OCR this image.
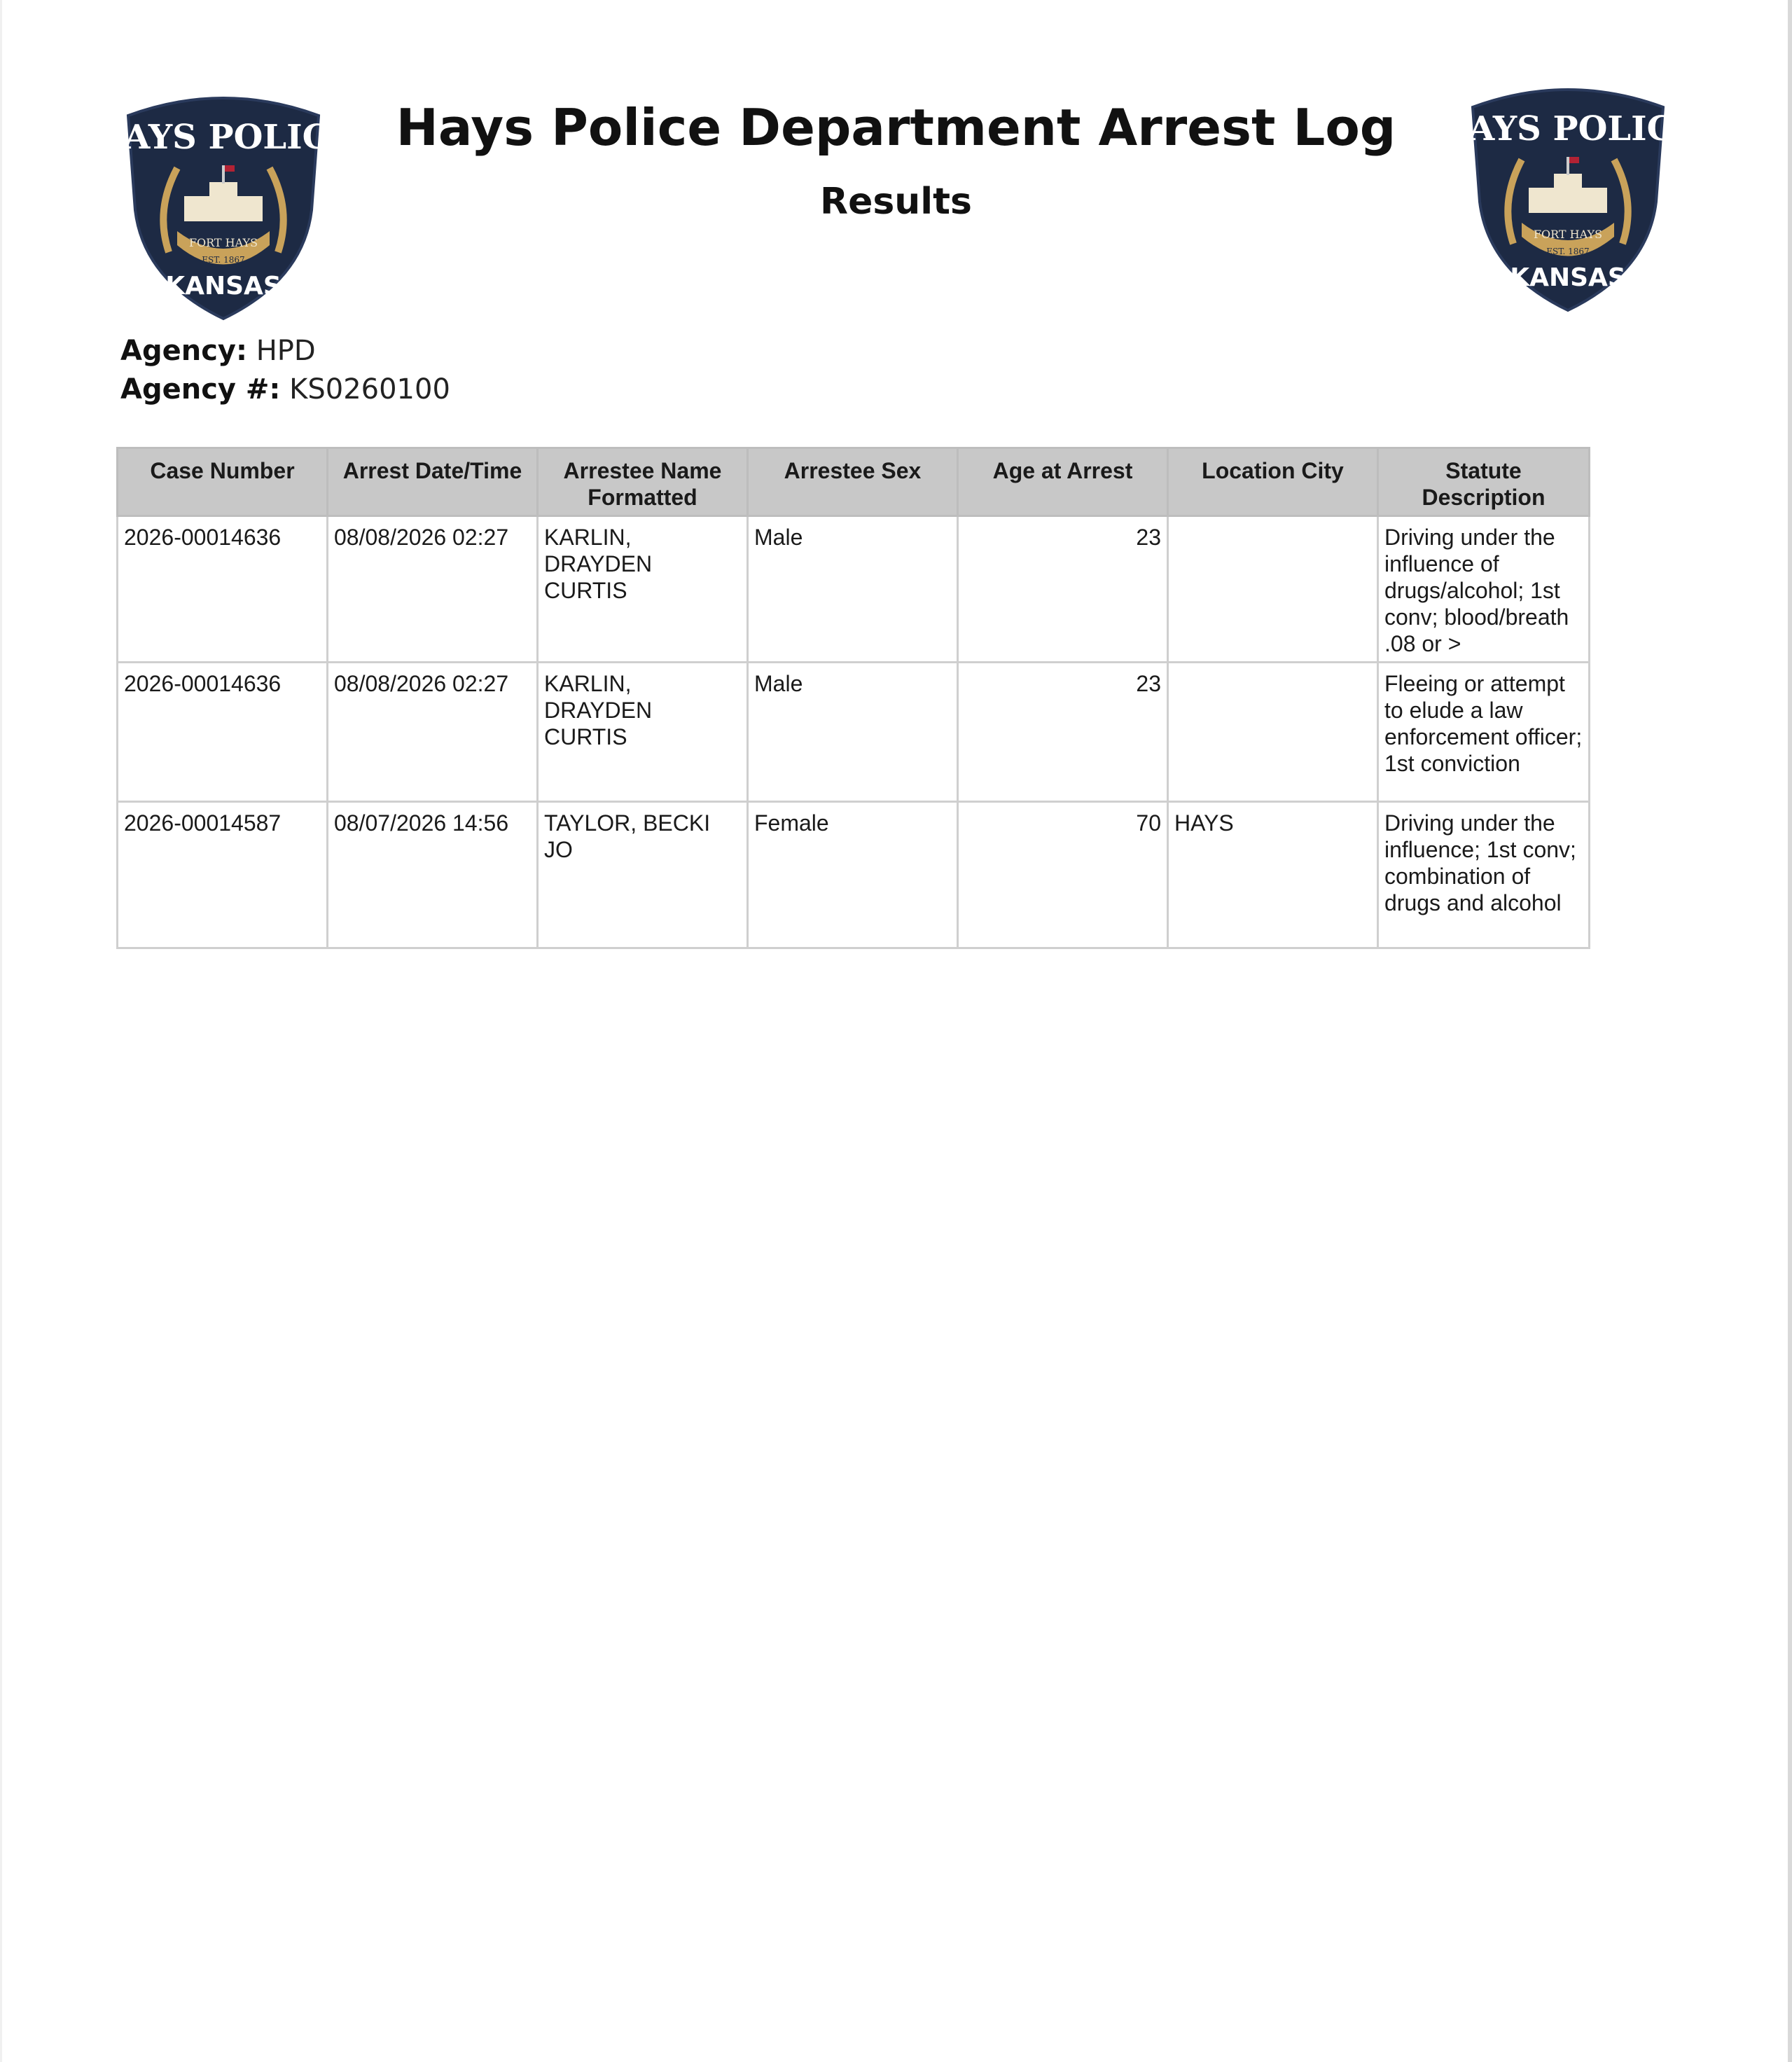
HAYS POLICE
FORT HAYS
EST. 1867
KANSAS
HAYS POLICE
FORT HAYS
EST. 1867
KANSAS
Hays Police Department Arrest Log
Results
Agency: HPD
Agency #: KS0260100
Case Number	Arrest Date/Time	Arrestee Name Formatted	Arrestee Sex	Age at Arrest	Location City	Statute Description
2026-00014636	08/08/2026 02:27	KARLIN, DRAYDEN CURTIS	Male	23		Driving under the influence of drugs/alcohol; 1st conv; blood/breath .08 or >
2026-00014636	08/08/2026 02:27	KARLIN, DRAYDEN CURTIS	Male	23		Fleeing or attempt to elude a law enforcement officer; 1st conviction
2026-00014587	08/07/2026 14:56	TAYLOR, BECKI JO	Female	70	HAYS	Driving under the influence; 1st conv; combination of drugs and alcohol
